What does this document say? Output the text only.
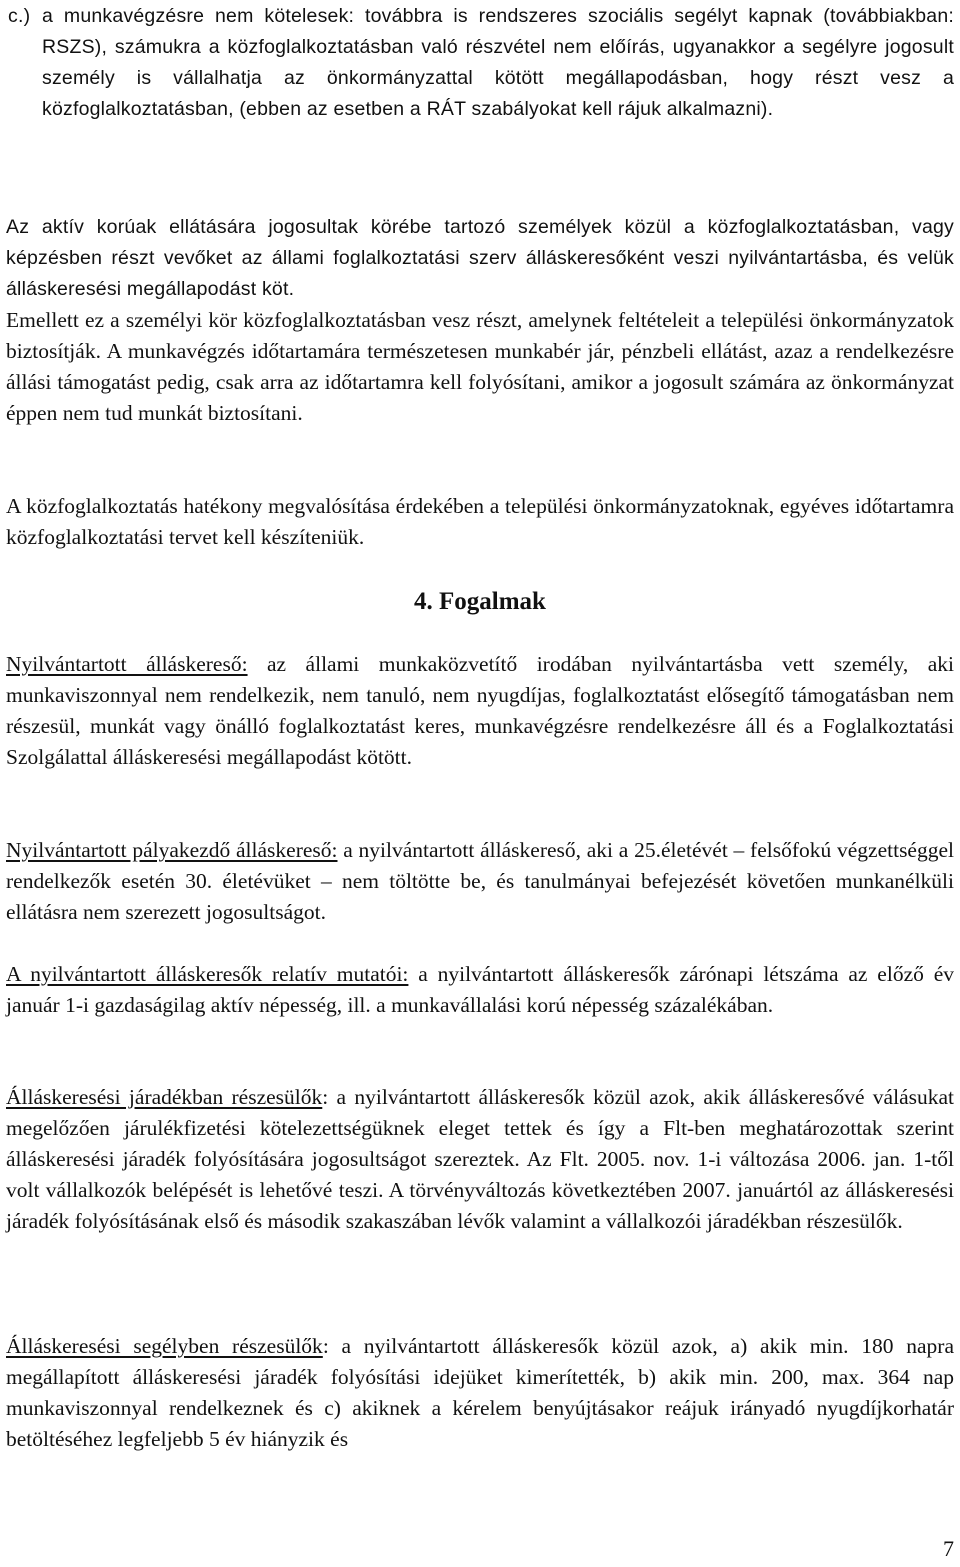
c.) a munkavégzésre nem kötelesek: továbbra is rendszeres szociális segélyt kapnak (továbbiakban: RSZS), számukra a közfoglalkoztatásban való részvétel nem előírás, ugyanakkor a segélyre jogosult személy is vállalhatja az önkormányzattal kötött megállapodásban, hogy részt vesz a közfoglalkoztatásban, (ebben az esetben a RÁT szabályokat kell rájuk alkalmazni).

Az aktív korúak ellátására jogosultak körébe tartozó személyek közül a közfoglalkoztatásban, vagy képzésben részt vevőket az állami foglalkoztatási szerv álláskeresőként veszi nyilvántartásba, és velük álláskeresési megállapodást köt.

Emellett ez a személyi kör közfoglalkoztatásban vesz részt, amelynek feltételeit a települési önkormányzatok biztosítják. A munkavégzés időtartamára természetesen munkabér jár, pénzbeli ellátást, azaz a rendelkezésre állási támogatást pedig, csak arra az időtartamra kell folyósítani, amikor a jogosult számára az önkormányzat éppen nem tud munkát biztosítani.

A közfoglalkoztatás hatékony megvalósítása érdekében a települési önkormányzatoknak, egyéves időtartamra közfoglalkoztatási tervet kell készíteniük.

4. Fogalmak

Nyilvántartott álláskereső: az állami munkaközvetítő irodában nyilvántartásba vett személy, aki munkaviszonnyal nem rendelkezik, nem tanuló, nem nyugdíjas, foglalkoztatást elősegítő támogatásban nem részesül, munkát vagy önálló foglalkoztatást keres, munkavégzésre rendelkezésre áll és a Foglalkoztatási Szolgálattal álláskeresési megállapodást kötött.

Nyilvántartott pályakezdő álláskereső: a nyilvántartott álláskereső, aki a 25.életévét – felsőfokú végzettséggel rendelkezők esetén 30. életévüket – nem töltötte be, és tanulmányai befejezését követően munkanélküli ellátásra nem szerezett jogosultságot.

A nyilvántartott álláskeresők relatív mutatói: a nyilvántartott álláskeresők zárónapi létszáma az előző év január 1-i gazdaságilag aktív népesség, ill. a munkavállalási korú népesség százalékában.

Álláskeresési járadékban részesülők: a nyilvántartott álláskeresők közül azok, akik álláskeresővé válásukat megelőzően járulékfizetési kötelezettségüknek eleget tettek és így a Flt-ben meghatározottak szerint álláskeresési járadék folyósítására jogosultságot szereztek. Az Flt. 2005. nov. 1-i változása 2006. jan. 1-től volt vállalkozók belépését is lehetővé teszi. A törvényváltozás következtében 2007. januártól az álláskeresési járadék folyósításának első és második szakaszában lévők valamint a vállalkozói járadékban részesülők.

Álláskeresési segélyben részesülők: a nyilvántartott álláskeresők közül azok, a) akik min. 180 napra megállapított álláskeresési járadék folyósítási idejüket kimerítették, b) akik min. 200, max. 364 nap munkaviszonnyal rendelkeznek és c) akiknek a kérelem benyújtásakor reájuk irányadó nyugdíjkorhatár betöltéséhez legfeljebb 5 év hiányzik és

7
